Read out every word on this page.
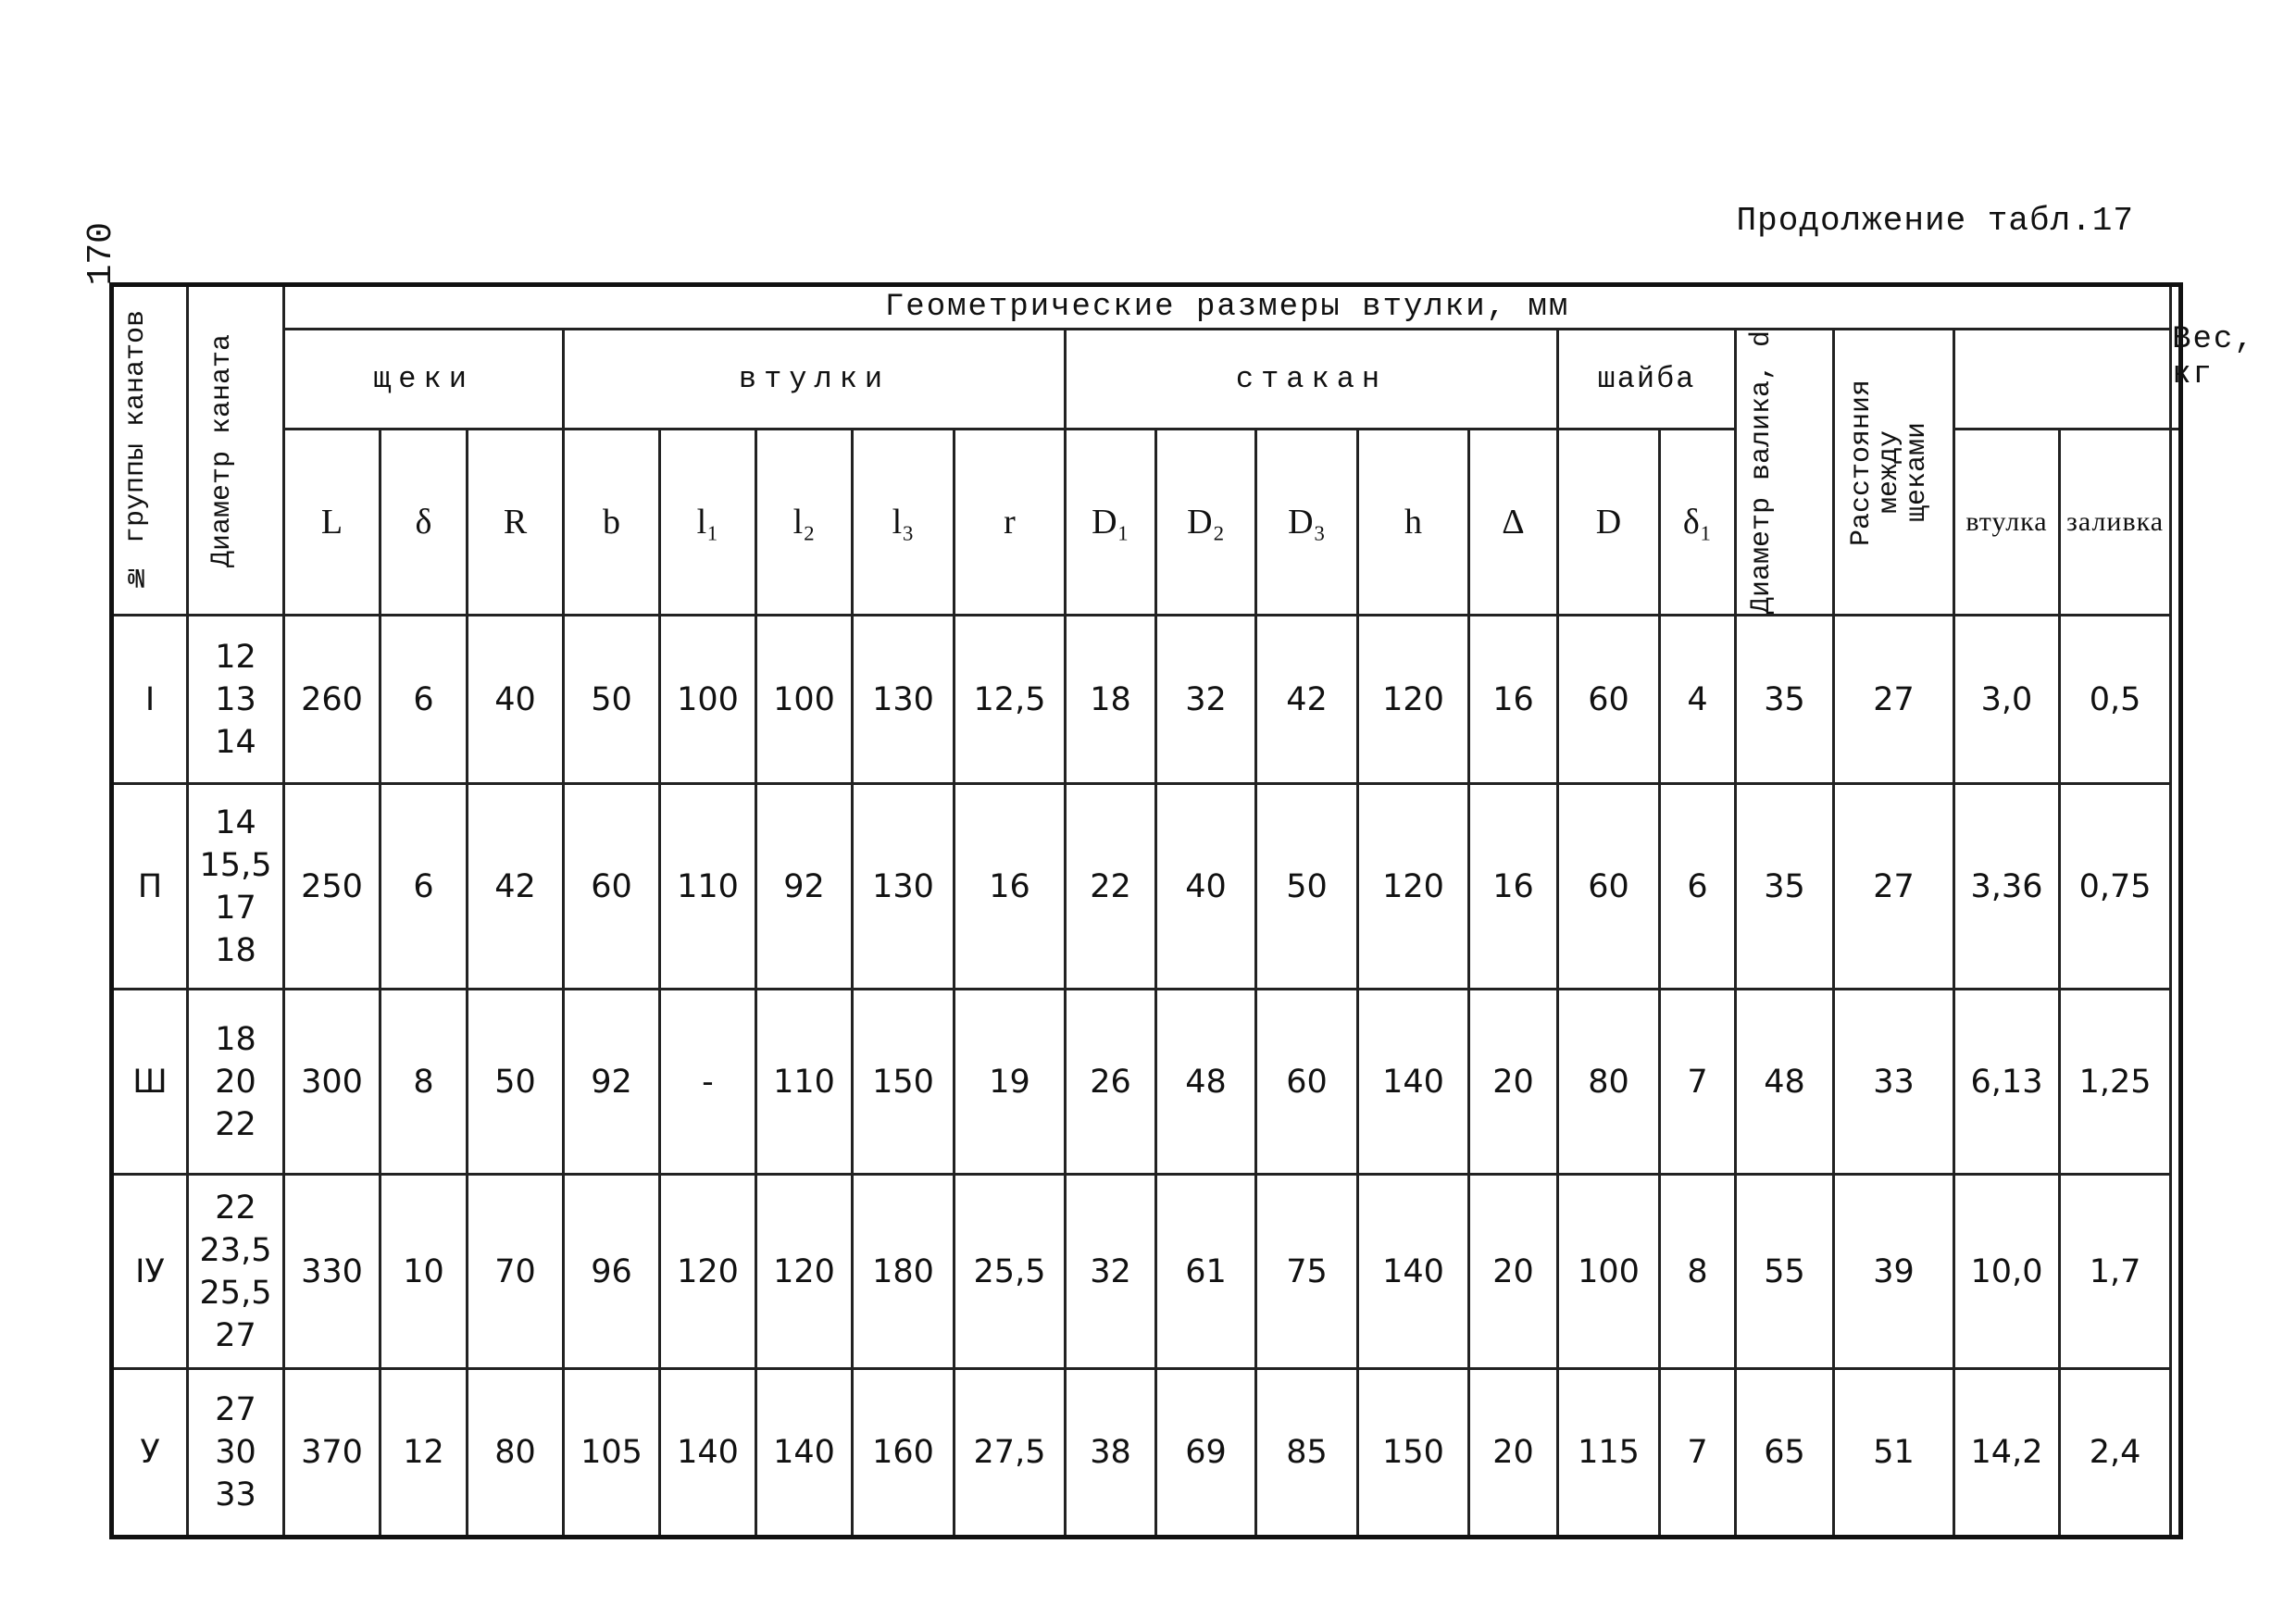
170
Продолжение табл.17
№ группы канатов	Диаметр каната	Геометрические размеры втулки, мм																			Вес, кг
		щеки			втулки					стакан					шайба		Диаметр валика, d	Расстояния между щеками			

		L	δ	R	b	l₁	l₂	l₃	r	D₁	D₂	D₃	h	Δ	D	δ₁			втулка	заливка	
I	12
13
14	260	6	40	50	100	100	130	12,5	18	32	42	120	16	60	4	35	27	3,0	0,5	
П	14
15,5
17
18	250	6	42	60	110	92	130	16	22	40	50	120	16	60	6	35	27	3,36	0,75	
Ш	18
20
22	300	8	50	92	-	110	150	19	26	48	60	140	20	80	7	48	33	6,13	1,25	
IУ	22
23,5
25,5
27	330	10	70	96	120	120	180	25,5	32	61	75	140	20	100	8	55	39	10,0	1,7	
У	27
30
33	370	12	80	105	140	140	160	27,5	38	69	85	150	20	115	7	65	51	14,2	2,4	
